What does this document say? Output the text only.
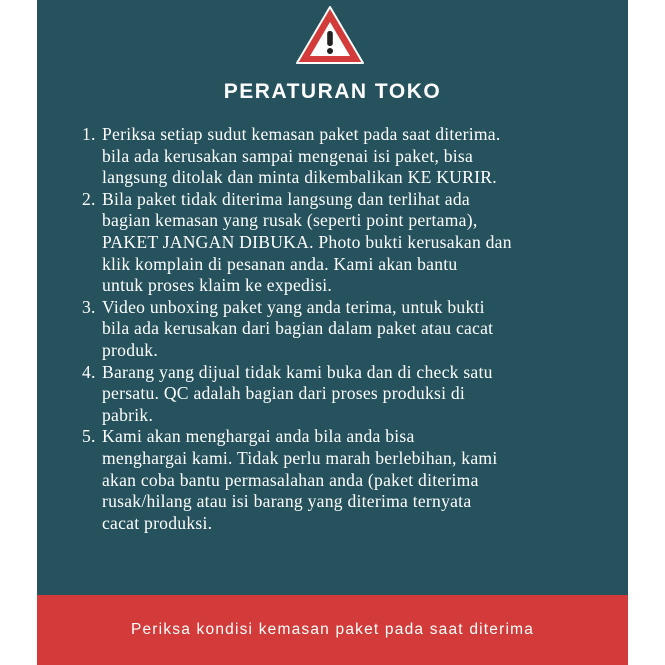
PERATURAN TOKO
1. Periksa setiap sudut kemasan paket pada saat diterima.
bila ada kerusakan sampai mengenai isi paket, bisa
langsung ditolak dan minta dikembalikan KE KURIR.
2. Bila paket tidak diterima langsung dan terlihat ada
bagian kemasan yang rusak (seperti point pertama),
PAKET JANGAN DIBUKA. Photo bukti kerusakan dan
klik komplain di pesanan anda. Kami akan bantu
untuk proses klaim ke expedisi.
3. Video unboxing paket yang anda terima, untuk bukti
bila ada kerusakan dari bagian dalam paket atau cacat
produk.
4. Barang yang dijual tidak kami buka dan di check satu
persatu. QC adalah bagian dari proses produksi di
pabrik.
5. Kami akan menghargai anda bila anda bisa
menghargai kami. Tidak perlu marah berlebihan, kami
akan coba bantu permasalahan anda (paket diterima
rusak/hilang atau isi barang yang diterima ternyata
cacat produksi.
Periksa kondisi kemasan paket pada saat diterima
